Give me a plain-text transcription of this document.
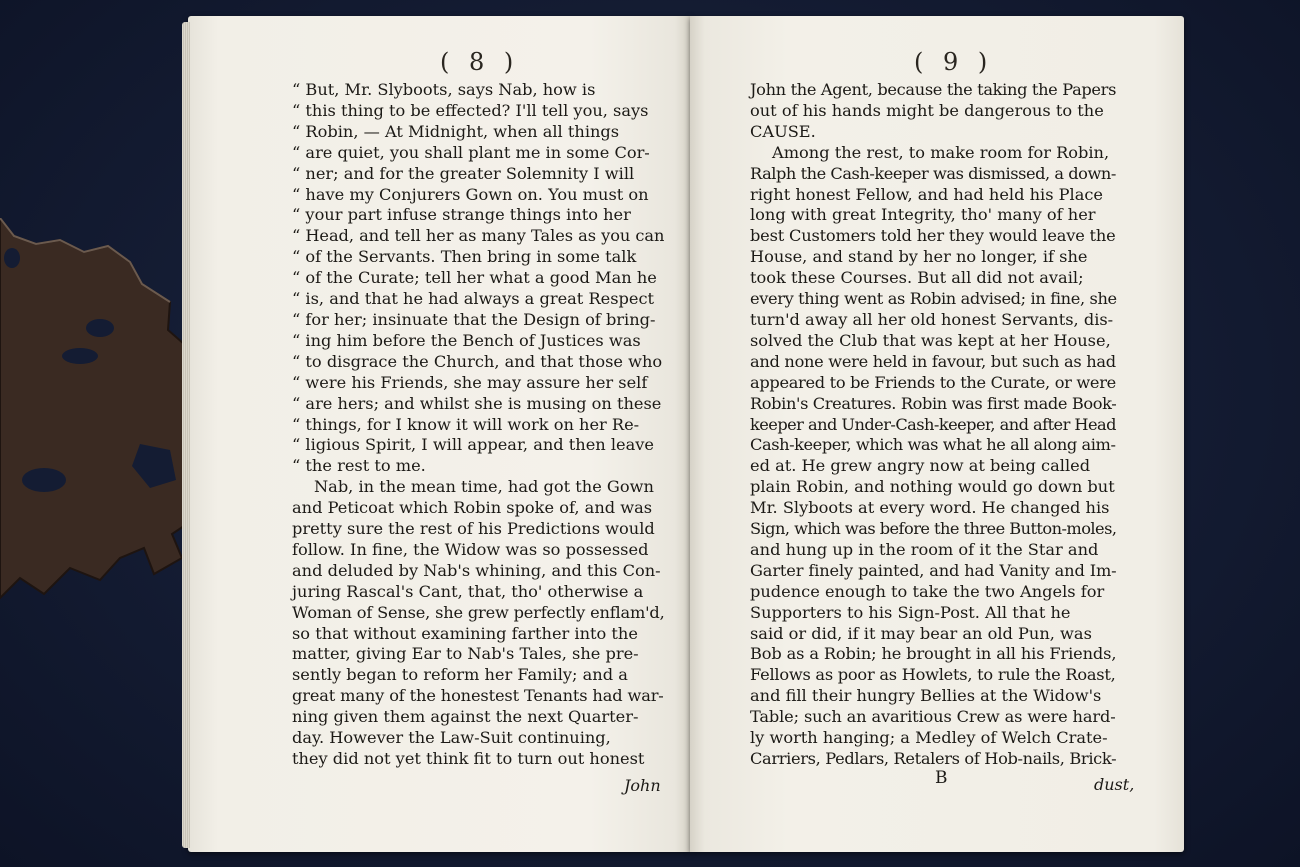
( 8 )
“ But, Mr. Slyboots, says Nab, how is
“ this thing to be effected? I'll tell you, says
“ Robin, — At Midnight, when all things
“ are quiet, you shall plant me in some Cor-
“ ner; and for the greater Solemnity I will
“ have my Conjurers Gown on. You must on
“ your part infuse strange things into her
“ Head, and tell her as many Tales as you can
“ of the Servants. Then bring in some talk
“ of the Curate; tell her what a good Man he
“ is, and that he had always a great Respect
“ for her; insinuate that the Design of bring-
“ ing him before the Bench of Justices was
“ to disgrace the Church, and that those who
“ were his Friends, she may assure her self
“ are hers; and whilst she is musing on these
“ things, for I know it will work on her Re-
“ ligious Spirit, I will appear, and then leave
“ the rest to me.
Nab, in the mean time, had got the Gown
and Peticoat which Robin spoke of, and was
pretty sure the rest of his Predictions would
follow. In fine, the Widow was so possessed
and deluded by Nab's whining, and this Con-
juring Rascal's Cant, that, tho' otherwise a
Woman of Sense, she grew perfectly enflam'd,
so that without examining farther into the
matter, giving Ear to Nab's Tales, she pre-
sently began to reform her Family; and a
great many of the honestest Tenants had war-
ning given them against the next Quarter-
day. However the Law-Suit continuing,
they did not yet think fit to turn out honest
John
( 9 )
John the Agent, because the taking the Papers
out of his hands might be dangerous to the
CAUSE.
Among the rest, to make room for Robin,
Ralph the Cash-keeper was dismissed, a down-
right honest Fellow, and had held his Place
long with great Integrity, tho' many of her
best Customers told her they would leave the
House, and stand by her no longer, if she
took these Courses. But all did not avail;
every thing went as Robin advised; in fine, she
turn'd away all her old honest Servants, dis-
solved the Club that was kept at her House,
and none were held in favour, but such as had
appeared to be Friends to the Curate, or were
Robin's Creatures. Robin was first made Book-
keeper and Under-Cash-keeper, and after Head
Cash-keeper, which was what he all along aim-
ed at. He grew angry now at being called
plain Robin, and nothing would go down but
Mr. Slyboots at every word. He changed his
Sign, which was before the three Button-moles,
and hung up in the room of it the Star and
Garter finely painted, and had Vanity and Im-
pudence enough to take the two Angels for
Supporters to his Sign-Post. All that he
said or did, if it may bear an old Pun, was
Bob as a Robin; he brought in all his Friends,
Fellows as poor as Howlets, to rule the Roast,
and fill their hungry Bellies at the Widow's
Table; such an avaritious Crew as were hard-
ly worth hanging; a Medley of Welch Crate-
Carriers, Pedlars, Retalers of Hob-nails, Brick-
B	dust,
